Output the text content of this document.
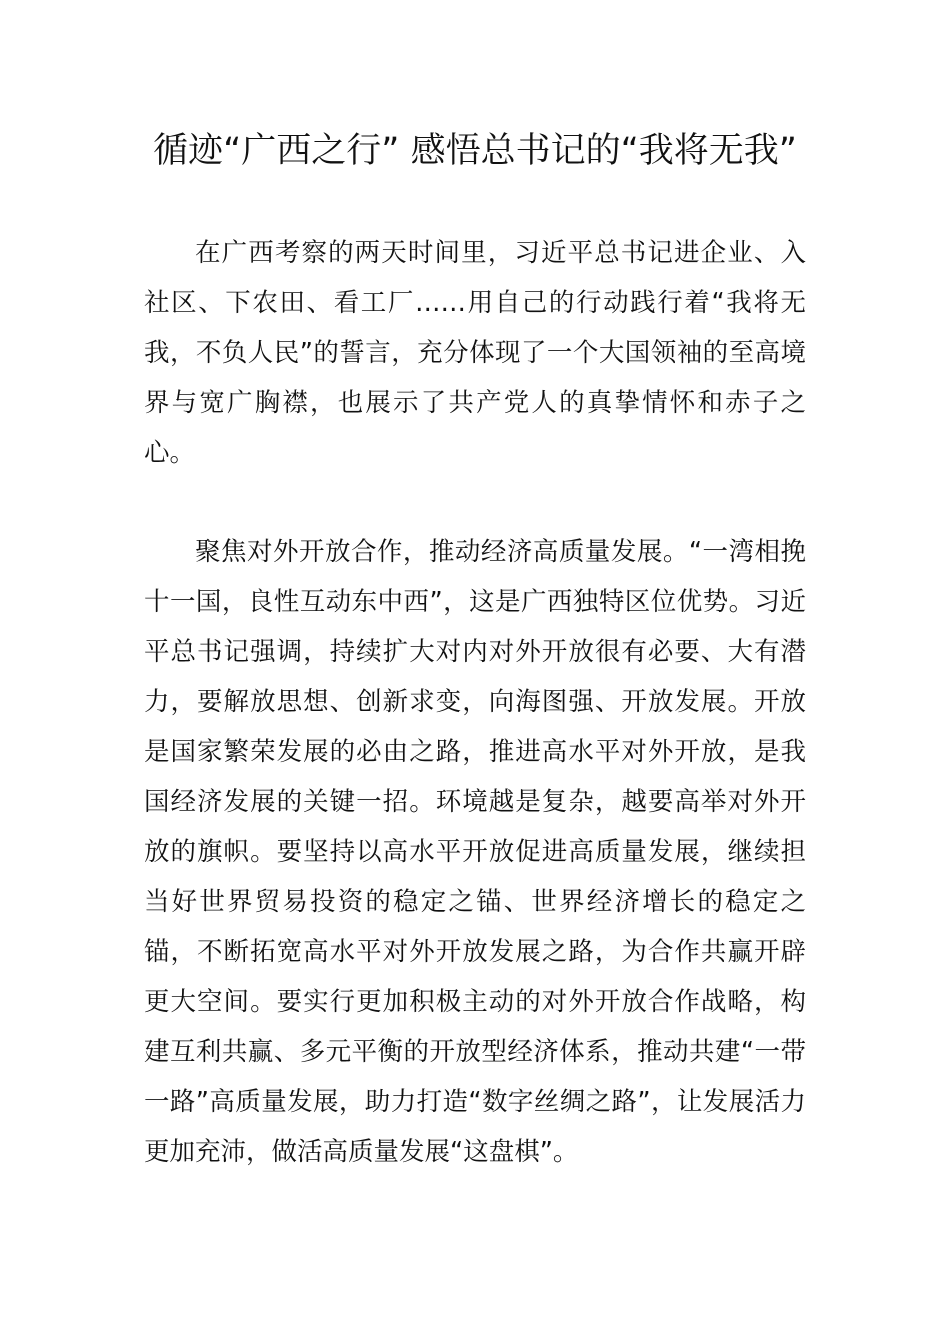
循迹“广西之行” 感悟总书记的“我将无我”

在广西考察的两天时间里，习近平总书记进企业、入社区、下农田、看工厂……用自己的行动践行着“我将无我，不负人民”的誓言，充分体现了一个大国领袖的至高境界与宽广胸襟，也展示了共产党人的真挚情怀和赤子之心。

聚焦对外开放合作，推动经济高质量发展。“一湾相挽十一国，良性互动东中西”，这是广西独特区位优势。习近平总书记强调，持续扩大对内对外开放很有必要、大有潜力，要解放思想、创新求变，向海图强、开放发展。开放是国家繁荣发展的必由之路，推进高水平对外开放，是我国经济发展的关键一招。环境越是复杂，越要高举对外开放的旗帜。要坚持以高水平开放促进高质量发展，继续担当好世界贸易投资的稳定之锚、世界经济增长的稳定之锚，不断拓宽高水平对外开放发展之路，为合作共赢开辟更大空间。要实行更加积极主动的对外开放合作战略，构建互利共赢、多元平衡的开放型经济体系，推动共建“一带一路”高质量发展，助力打造“数字丝绸之路”，让发展活力更加充沛，做活高质量发展“这盘棋”。
